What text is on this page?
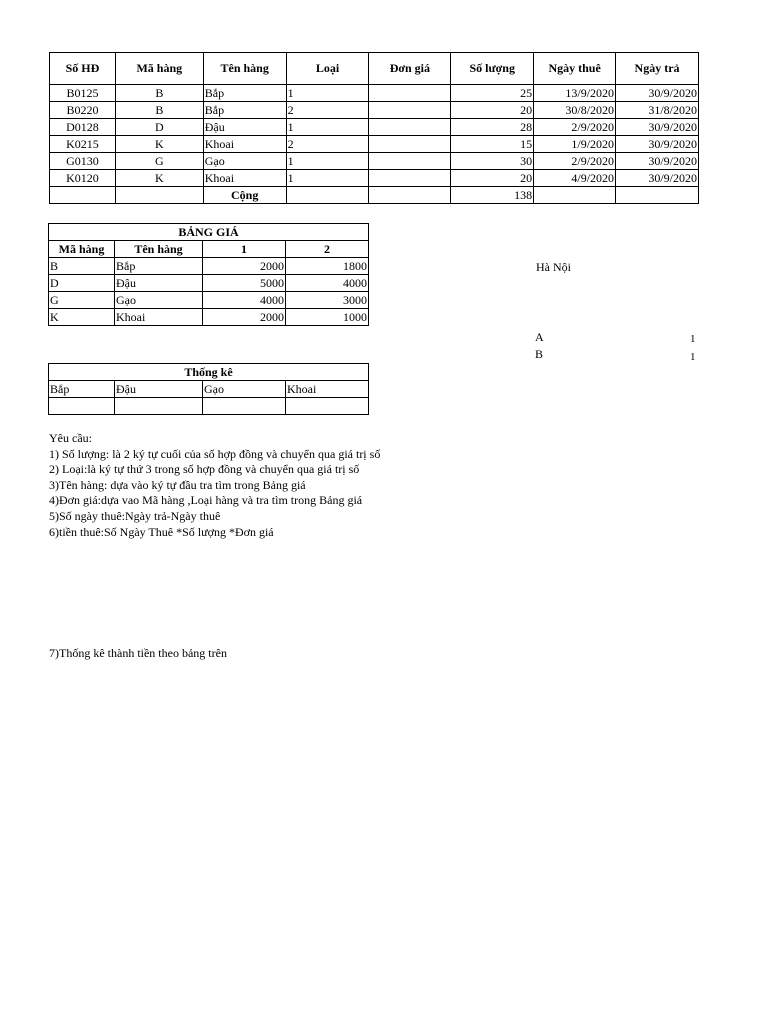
Số HĐ	Mã hàng	Tên hàng	Loại	Đơn giá	Số lượng	Ngày thuê	Ngày trả
B0125	B	Bắp	1		25	13/9/2020	30/9/2020
B0220	B	Bắp	2		20	30/8/2020	31/8/2020
D0128	D	Đậu	1		28	2/9/2020	30/9/2020
K0215	K	Khoai	2		15	1/9/2020	30/9/2020
G0130	G	Gạo	1		30	2/9/2020	30/9/2020
K0120	K	Khoai	1		20	4/9/2020	30/9/2020
		Cộng			138		
BẢNG GIÁ			
Mã hàng	Tên hàng	1	2
B	Bắp	2000	1800
D	Đậu	5000	4000
G	Gạo	4000	3000
K	Khoai	2000	1000
Thống kê			
Bắp	Đậu	Gạo	Khoai

Hà Nội
A	1
B	1
Yêu cầu:
1) Số lượng: là 2 ký tự cuối của số hợp đồng và chuyển qua giá trị số
2) Loại:là ký tự thứ 3 trong số hợp đồng và chuyển qua giá trị số
3)Tên hàng: dựa vào ký tự đầu tra tìm trong Bảng giá
4)Đơn giá:dựa vao Mã hàng ,Loại hàng và tra tìm trong Bảng giá
5)Số ngày thuê:Ngày trả-Ngày thuê
6)tiền thuê:Số Ngày Thuê *Số lượng *Đơn giá
7)Thống kê thành tiền theo bảng trên
